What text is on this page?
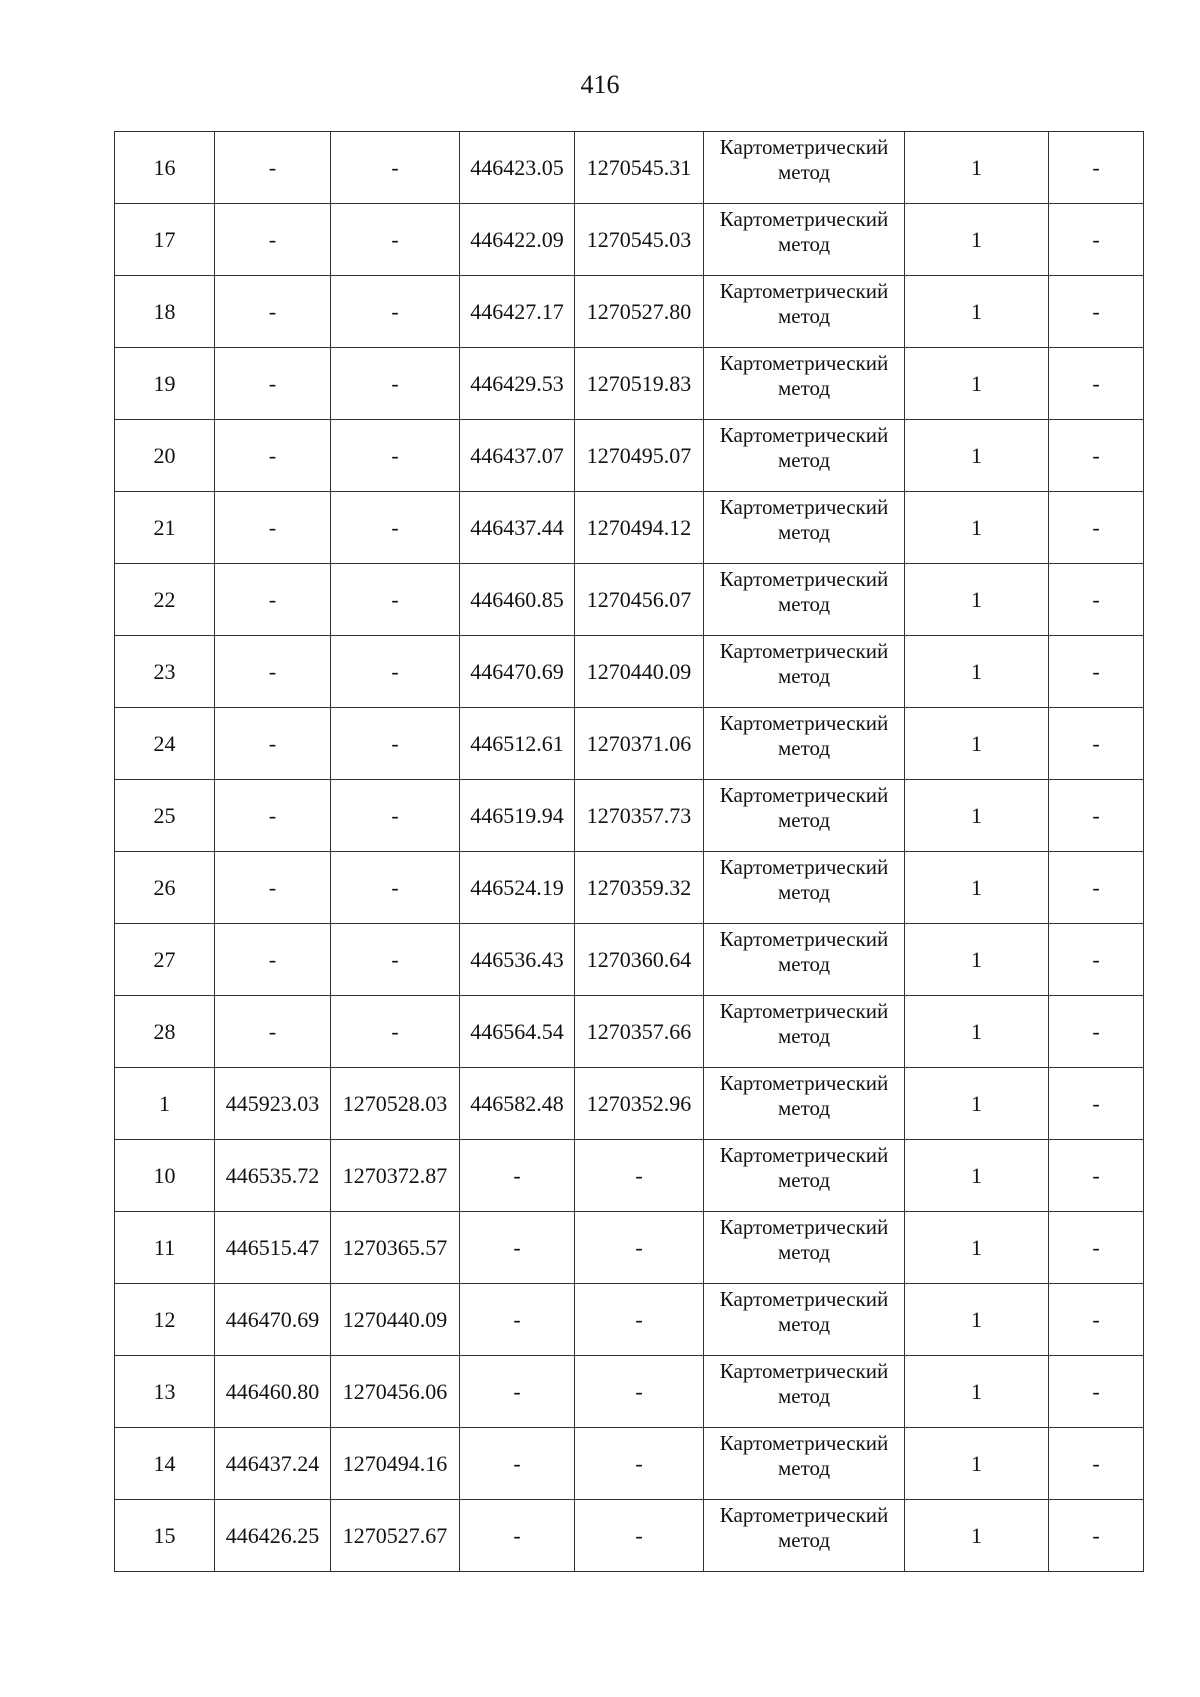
416
16	-	-	446423.05	1270545.31	Картометрический
метод	1	-
17	-	-	446422.09	1270545.03	Картометрический
метод	1	-
18	-	-	446427.17	1270527.80	Картометрический
метод	1	-
19	-	-	446429.53	1270519.83	Картометрический
метод	1	-
20	-	-	446437.07	1270495.07	Картометрический
метод	1	-
21	-	-	446437.44	1270494.12	Картометрический
метод	1	-
22	-	-	446460.85	1270456.07	Картометрический
метод	1	-
23	-	-	446470.69	1270440.09	Картометрический
метод	1	-
24	-	-	446512.61	1270371.06	Картометрический
метод	1	-
25	-	-	446519.94	1270357.73	Картометрический
метод	1	-
26	-	-	446524.19	1270359.32	Картометрический
метод	1	-
27	-	-	446536.43	1270360.64	Картометрический
метод	1	-
28	-	-	446564.54	1270357.66	Картометрический
метод	1	-
1	445923.03	1270528.03	446582.48	1270352.96	Картометрический
метод	1	-
10	446535.72	1270372.87	-	-	Картометрический
метод	1	-
11	446515.47	1270365.57	-	-	Картометрический
метод	1	-
12	446470.69	1270440.09	-	-	Картометрический
метод	1	-
13	446460.80	1270456.06	-	-	Картометрический
метод	1	-
14	446437.24	1270494.16	-	-	Картометрический
метод	1	-
15	446426.25	1270527.67	-	-	Картометрический
метод	1	-
